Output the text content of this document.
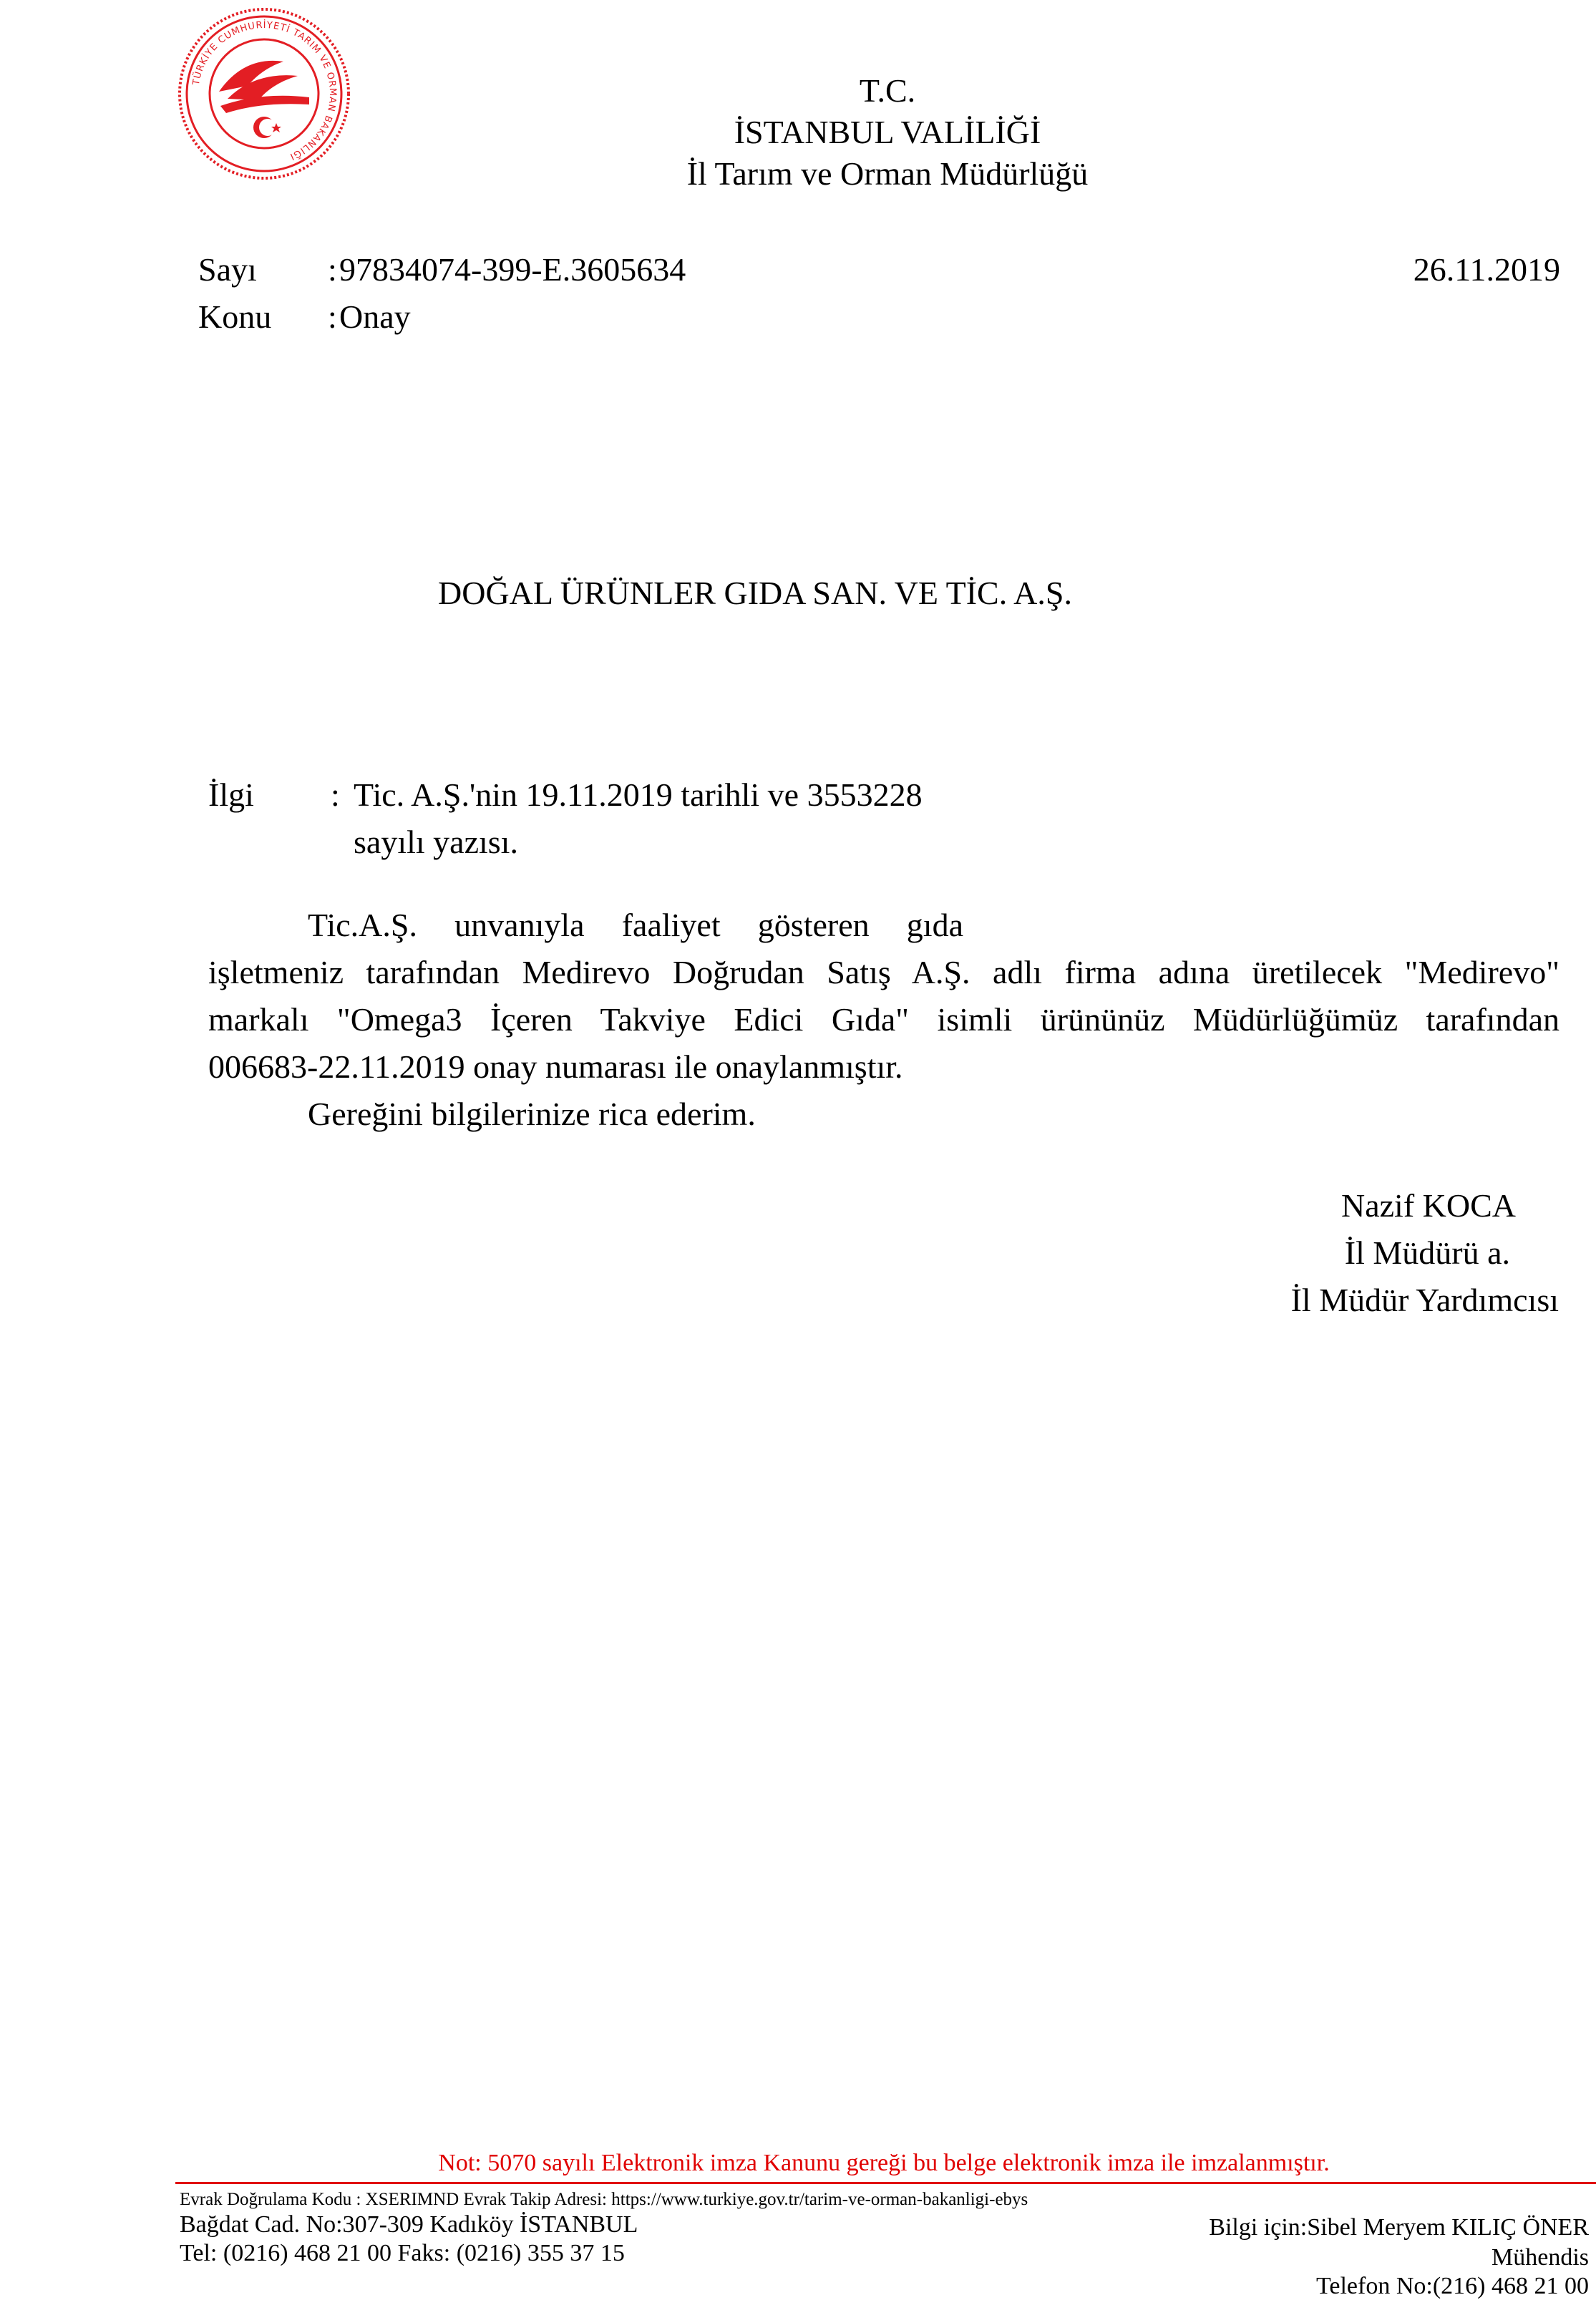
TÜRKİYE CUMHURİYETİ TARIM VE ORMAN BAKANLIĞI
T.C.
İSTANBUL VALİLİĞİ
İl Tarım ve Orman Müdürlüğü
Sayı : 97834074-399-E.3605634	26.11.2019
Konu : Onay
DOĞAL ÜRÜNLER GIDA SAN. VE TİC. A.Ş.
İlgi : Tic. A.Ş.'nin 19.11.2019 tarihli ve 3553228
sayılı yazısı.
Tic.A.Ş. unvanıyla faaliyet gösteren gıda
işletmeniz tarafından Medirevo Doğrudan Satış A.Ş. adlı firma adına üretilecek "Medirevo"
markalı "Omega3 İçeren Takviye Edici Gıda" isimli ürününüz Müdürlüğümüz tarafından
006683-22.11.2019 onay numarası ile onaylanmıştır.
Gereğini bilgilerinize rica ederim.
Nazif KOCA
İl Müdürü a.
İl Müdür Yardımcısı
Not: 5070 sayılı Elektronik imza Kanunu gereği bu belge elektronik imza ile imzalanmıştır.
Evrak Doğrulama Kodu : XSERIMND Evrak Takip Adresi: https://www.turkiye.gov.tr/tarim-ve-orman-bakanligi-ebys
Bağdat Cad. No:307-309 Kadıköy İSTANBUL
Tel: (0216) 468 21 00 Faks: (0216) 355 37 15
Bilgi için:Sibel Meryem KILIÇ ÖNER
Mühendis
Telefon No:(216) 468 21 00
